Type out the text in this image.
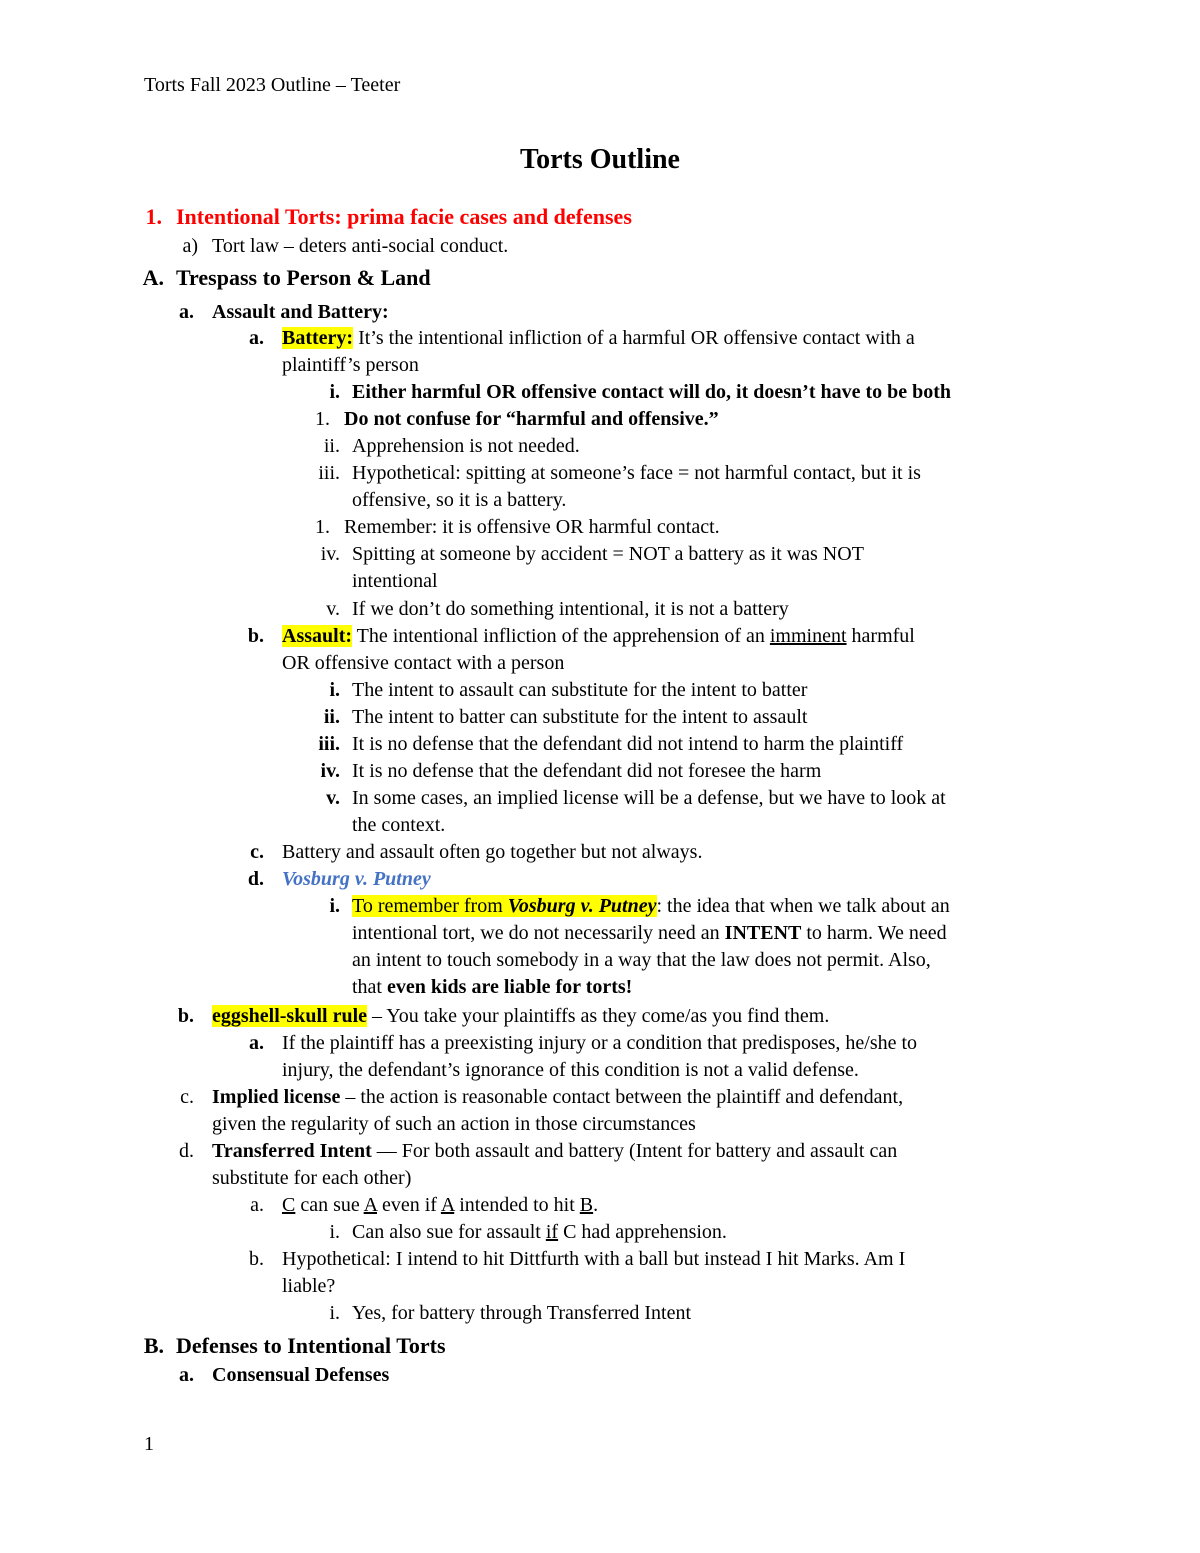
Torts Fall 2023 Outline – Teeter
Torts Outline
1. Intentional Torts: prima facie cases and defenses
a) Tort law – deters anti-social conduct.
A. Trespass to Person & Land
a. Assault and Battery:
a. Battery: It’s the intentional infliction of a harmful OR offensive contact with a
plaintiff’s person
i. Either harmful OR offensive contact will do, it doesn’t have to be both
1. Do not confuse for “harmful and offensive.”
ii. Apprehension is not needed.
iii. Hypothetical: spitting at someone’s face = not harmful contact, but it is
offensive, so it is a battery.
1. Remember: it is offensive OR harmful contact.
iv. Spitting at someone by accident = NOT a battery as it was NOT
intentional
v. If we don’t do something intentional, it is not a battery
b. Assault: The intentional infliction of the apprehension of an imminent harmful
OR offensive contact with a person
i. The intent to assault can substitute for the intent to batter
ii. The intent to batter can substitute for the intent to assault
iii. It is no defense that the defendant did not intend to harm the plaintiff
iv. It is no defense that the defendant did not foresee the harm
v. In some cases, an implied license will be a defense, but we have to look at
the context.
c. Battery and assault often go together but not always.
d. Vosburg v. Putney
i. To remember from Vosburg v. Putney: the idea that when we talk about an
intentional tort, we do not necessarily need an INTENT to harm. We need
an intent to touch somebody in a way that the law does not permit. Also,
that even kids are liable for torts!
b. eggshell-skull rule – You take your plaintiffs as they come/as you find them.
a. If the plaintiff has a preexisting injury or a condition that predisposes, he/she to
injury, the defendant’s ignorance of this condition is not a valid defense.
c. Implied license – the action is reasonable contact between the plaintiff and defendant,
given the regularity of such an action in those circumstances
d. Transferred Intent — For both assault and battery (Intent for battery and assault can
substitute for each other)
a. C can sue A even if A intended to hit B.
i. Can also sue for assault if C had apprehension.
b. Hypothetical: I intend to hit Dittfurth with a ball but instead I hit Marks. Am I
liable?
i. Yes, for battery through Transferred Intent
B. Defenses to Intentional Torts
a. Consensual Defenses
1
